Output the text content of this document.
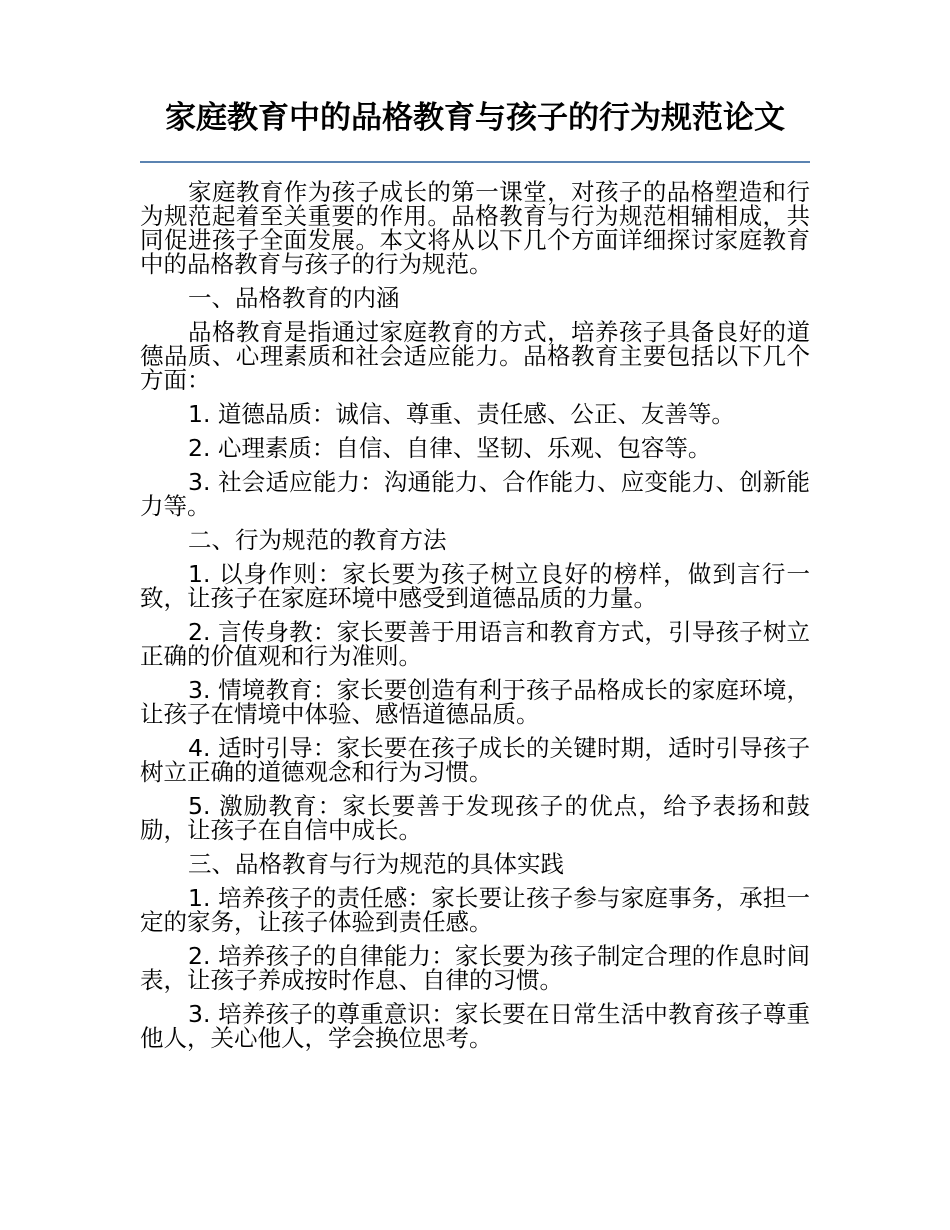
家庭教育中的品格教育与孩子的行为规范论文

家庭教育作为孩子成长的第一课堂，对孩子的品格塑造和行为规范起着至关重要的作用。品格教育与行为规范相辅相成，共同促进孩子全面发展。本文将从以下几个方面详细探讨家庭教育中的品格教育与孩子的行为规范。

一、品格教育的内涵

品格教育是指通过家庭教育的方式，培养孩子具备良好的道德品质、心理素质和社会适应能力。品格教育主要包括以下几个方面：

1. 道德品质：诚信、尊重、责任感、公正、友善等。

2. 心理素质：自信、自律、坚韧、乐观、包容等。

3. 社会适应能力：沟通能力、合作能力、应变能力、创新能力等。

二、行为规范的教育方法

1. 以身作则：家长要为孩子树立良好的榜样，做到言行一致，让孩子在家庭环境中感受到道德品质的力量。

2. 言传身教：家长要善于用语言和教育方式，引导孩子树立正确的价值观和行为准则。

3. 情境教育：家长要创造有利于孩子品格成长的家庭环境，让孩子在情境中体验、感悟道德品质。

4. 适时引导：家长要在孩子成长的关键时期，适时引导孩子树立正确的道德观念和行为习惯。

5. 激励教育：家长要善于发现孩子的优点，给予表扬和鼓励，让孩子在自信中成长。

三、品格教育与行为规范的具体实践

1. 培养孩子的责任感：家长要让孩子参与家庭事务，承担一定的家务，让孩子体验到责任感。

2. 培养孩子的自律能力：家长要为孩子制定合理的作息时间表，让孩子养成按时作息、自律的习惯。

3. 培养孩子的尊重意识：家长要在日常生活中教育孩子尊重他人，关心他人，学会换位思考。
